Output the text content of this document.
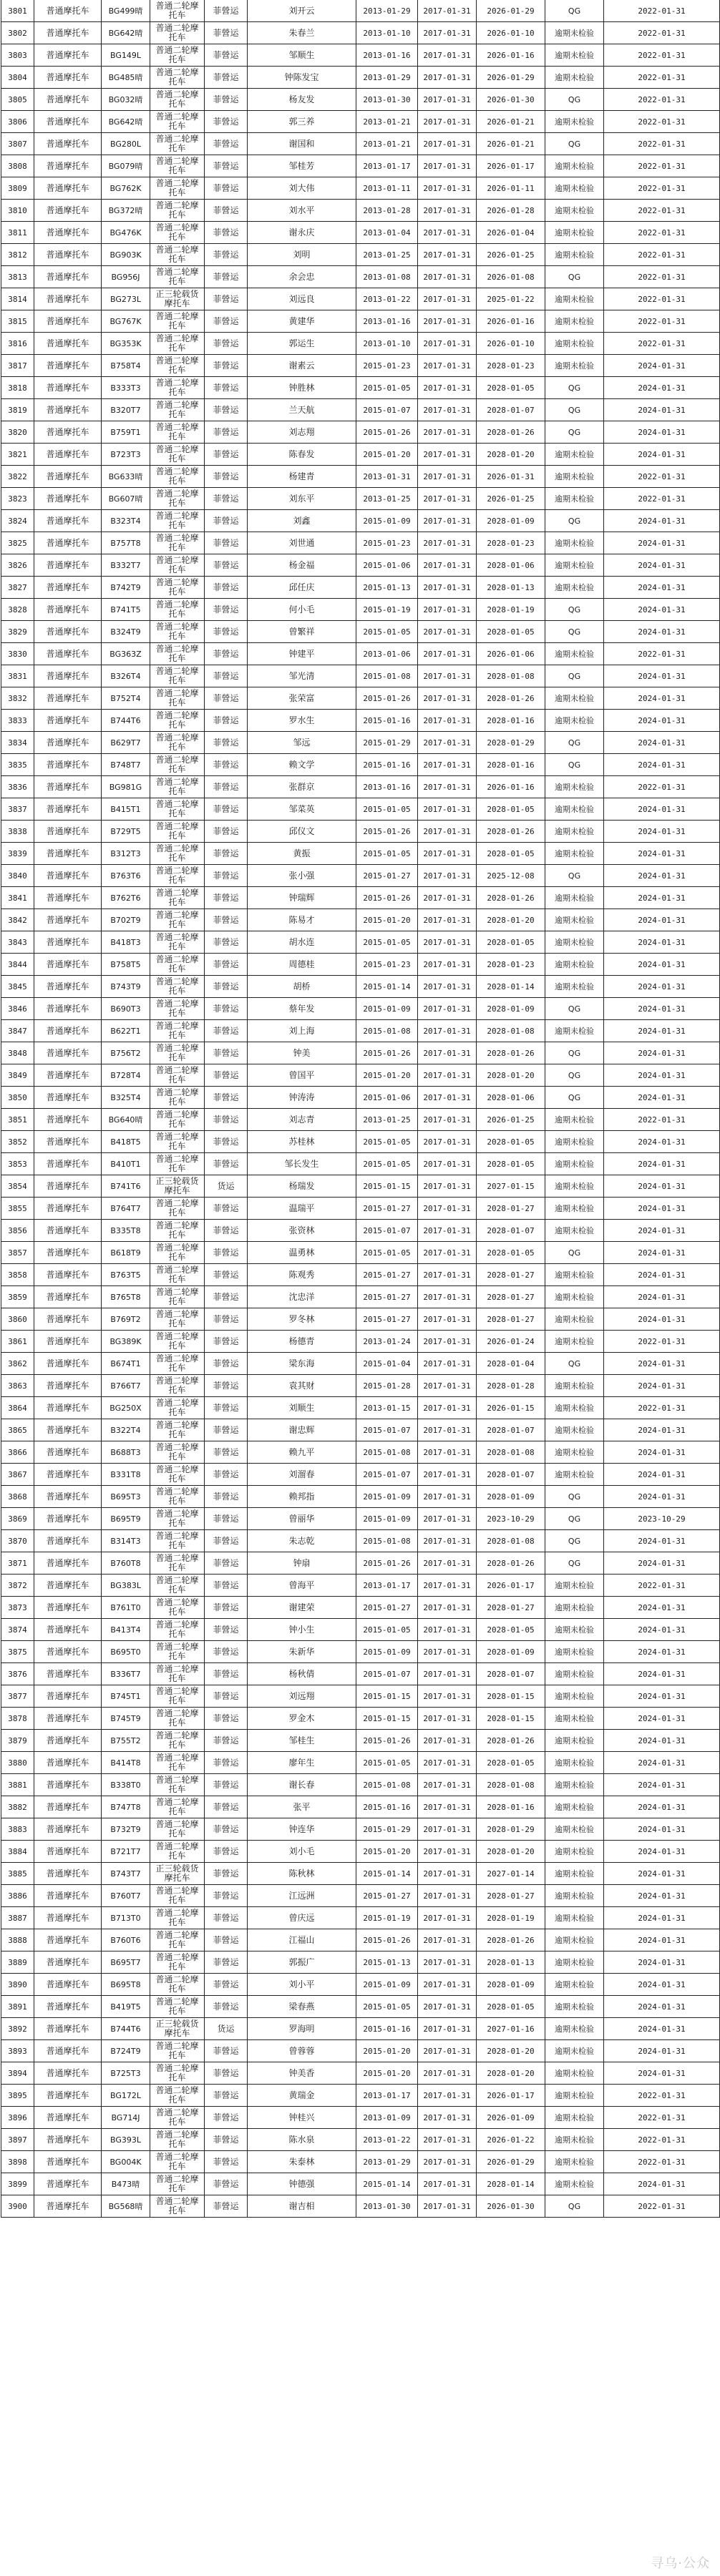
3801	普通摩托车	BG499晴	普通二轮摩托车	菲營运	刘开云	2013-01-29	2017-01-31	2026-01-29	QG	2022-01-31
3802	普通摩托车	BG642晴	普通二轮摩托车	菲營运	朱春兰	2013-01-10	2017-01-31	2026-01-10	逾期未检验	2022-01-31
3803	普通摩托车	BG149L	普通二轮摩托车	菲營运	邹顺生	2013-01-16	2017-01-31	2026-01-16	逾期未检验	2022-01-31
3804	普通摩托车	BG485晴	普通二轮摩托车	菲營运	钟陈发宝	2013-01-29	2017-01-31	2026-01-29	逾期未检验	2022-01-31
3805	普通摩托车	BG032晴	普通二轮摩托车	菲營运	杨友发	2013-01-30	2017-01-31	2026-01-30	QG	2022-01-31
3806	普通摩托车	BG642晴	普通二轮摩托车	菲營运	郭三养	2013-01-21	2017-01-31	2026-01-21	逾期未检验	2022-01-31
3807	普通摩托车	BG280L	普通二轮摩托车	菲營运	谢国和	2013-01-21	2017-01-31	2026-01-21	QG	2022-01-31
3808	普通摩托车	BG079晴	普通二轮摩托车	菲營运	邹桂芳	2013-01-17	2017-01-31	2026-01-17	逾期未检验	2022-01-31
3809	普通摩托车	BG762K	普通二轮摩托车	菲營运	刘大伟	2013-01-11	2017-01-31	2026-01-11	逾期未检验	2022-01-31
3810	普通摩托车	BG372晴	普通二轮摩托车	菲營运	刘水平	2013-01-28	2017-01-31	2026-01-28	逾期未检验	2022-01-31
3811	普通摩托车	BG476K	普通二轮摩托车	菲營运	谢永庆	2013-01-04	2017-01-31	2026-01-04	逾期未检验	2022-01-31
3812	普通摩托车	BG903K	普通二轮摩托车	菲營运	刘明	2013-01-25	2017-01-31	2026-01-25	逾期未检验	2022-01-31
3813	普通摩托车	BG956J	普通二轮摩托车	菲營运	余会忠	2013-01-08	2017-01-31	2026-01-08	QG	2022-01-31
3814	普通摩托车	BG273L	正三轮载货摩托车	菲營运	刘远良	2013-01-22	2017-01-31	2025-01-22	逾期未检验	2022-01-31
3815	普通摩托车	BG767K	普通二轮摩托车	菲營运	黄建华	2013-01-16	2017-01-31	2026-01-16	逾期未检验	2022-01-31
3816	普通摩托车	BG353K	普通二轮摩托车	菲營运	郭运生	2013-01-10	2017-01-31	2026-01-10	逾期未检验	2022-01-31
3817	普通摩托车	B758T4	普通二轮摩托车	菲營运	谢素云	2015-01-23	2017-01-31	2028-01-23	逾期未检验	2024-01-31
3818	普通摩托车	B333T3	普通二轮摩托车	菲營运	钟胜林	2015-01-05	2017-01-31	2028-01-05	QG	2024-01-31
3819	普通摩托车	B320T7	普通二轮摩托车	菲營运	兰天航	2015-01-07	2017-01-31	2028-01-07	QG	2024-01-31
3820	普通摩托车	B759T1	普通二轮摩托车	菲營运	刘志翔	2015-01-26	2017-01-31	2028-01-26	QG	2024-01-31
3821	普通摩托车	B723T3	普通二轮摩托车	菲營运	陈春发	2015-01-20	2017-01-31	2028-01-20	逾期未检验	2024-01-31
3822	普通摩托车	BG633晴	普通二轮摩托车	菲營运	杨建青	2013-01-31	2017-01-31	2026-01-31	逾期未检验	2022-01-31
3823	普通摩托车	BG607晴	普通二轮摩托车	菲營运	刘东平	2013-01-25	2017-01-31	2026-01-25	逾期未检验	2022-01-31
3824	普通摩托车	B323T4	普通二轮摩托车	菲營运	刘鑫	2015-01-09	2017-01-31	2028-01-09	QG	2024-01-31
3825	普通摩托车	B757T8	普通二轮摩托车	菲營运	刘世通	2015-01-23	2017-01-31	2028-01-23	逾期未检验	2024-01-31
3826	普通摩托车	B332T7	普通二轮摩托车	菲營运	杨金福	2015-01-06	2017-01-31	2028-01-06	逾期未检验	2024-01-31
3827	普通摩托车	B742T9	普通二轮摩托车	菲營运	邱任庆	2015-01-13	2017-01-31	2028-01-13	逾期未检验	2024-01-31
3828	普通摩托车	B741T5	普通二轮摩托车	菲營运	何小毛	2015-01-19	2017-01-31	2028-01-19	QG	2024-01-31
3829	普通摩托车	B324T9	普通二轮摩托车	菲營运	曾繁祥	2015-01-05	2017-01-31	2028-01-05	QG	2024-01-31
3830	普通摩托车	BG363Z	普通二轮摩托车	菲營运	钟建平	2013-01-06	2017-01-31	2026-01-06	逾期未检验	2022-01-31
3831	普通摩托车	B326T4	普通二轮摩托车	菲營运	邹光清	2015-01-08	2017-01-31	2028-01-08	QG	2024-01-31
3832	普通摩托车	B752T4	普通二轮摩托车	菲營运	张荣富	2015-01-26	2017-01-31	2028-01-26	逾期未检验	2024-01-31
3833	普通摩托车	B744T6	普通二轮摩托车	菲營运	罗水生	2015-01-16	2017-01-31	2028-01-16	逾期未检验	2024-01-31
3834	普通摩托车	B629T7	普通二轮摩托车	菲營运	邹远	2015-01-29	2017-01-31	2028-01-29	QG	2024-01-31
3835	普通摩托车	B748T7	普通二轮摩托车	菲營运	赖文学	2015-01-16	2017-01-31	2028-01-16	QG	2024-01-31
3836	普通摩托车	BG981G	普通二轮摩托车	菲營运	张群京	2013-01-16	2017-01-31	2026-01-16	逾期未检验	2022-01-31
3837	普通摩托车	B415T1	普通二轮摩托车	菲營运	邹菜英	2015-01-05	2017-01-31	2028-01-05	逾期未检验	2024-01-31
3838	普通摩托车	B729T5	普通二轮摩托车	菲營运	邱仪文	2015-01-26	2017-01-31	2028-01-26	逾期未检验	2024-01-31
3839	普通摩托车	B312T3	普通二轮摩托车	菲營运	黄振	2015-01-05	2017-01-31	2028-01-05	逾期未检验	2024-01-31
3840	普通摩托车	B763T6	普通二轮摩托车	菲營运	张小强	2015-01-27	2017-01-31	2025-12-08	QG	2024-01-31
3841	普通摩托车	B762T6	普通二轮摩托车	菲營运	钟瑞辉	2015-01-26	2017-01-31	2028-01-26	逾期未检验	2024-01-31
3842	普通摩托车	B702T9	普通二轮摩托车	菲營运	陈易才	2015-01-20	2017-01-31	2028-01-20	逾期未检验	2024-01-31
3843	普通摩托车	B418T3	普通二轮摩托车	菲營运	胡水连	2015-01-05	2017-01-31	2028-01-05	逾期未检验	2024-01-31
3844	普通摩托车	B758T5	普通二轮摩托车	菲營运	周德桂	2015-01-23	2017-01-31	2028-01-23	逾期未检验	2024-01-31
3845	普通摩托车	B743T9	普通二轮摩托车	菲營运	胡桥	2015-01-14	2017-01-31	2028-01-14	逾期未检验	2024-01-31
3846	普通摩托车	B690T3	普通二轮摩托车	菲營运	蔡年发	2015-01-09	2017-01-31	2028-01-09	QG	2024-01-31
3847	普通摩托车	B622T1	普通二轮摩托车	菲營运	刘上海	2015-01-08	2017-01-31	2028-01-08	逾期未检验	2024-01-31
3848	普通摩托车	B756T2	普通二轮摩托车	菲營运	钟美	2015-01-26	2017-01-31	2028-01-26	QG	2024-01-31
3849	普通摩托车	B728T4	普通二轮摩托车	菲營运	曾国平	2015-01-20	2017-01-31	2028-01-20	QG	2024-01-31
3850	普通摩托车	B325T4	普通二轮摩托车	菲營运	钟涛涛	2015-01-06	2017-01-31	2028-01-06	QG	2024-01-31
3851	普通摩托车	BG640晴	普通二轮摩托车	菲營运	刘志青	2013-01-25	2017-01-31	2026-01-25	逾期未检验	2022-01-31
3852	普通摩托车	B418T5	普通二轮摩托车	菲營运	苏桂林	2015-01-05	2017-01-31	2028-01-05	逾期未检验	2024-01-31
3853	普通摩托车	B410T1	普通二轮摩托车	菲營运	邹长发生	2015-01-05	2017-01-31	2028-01-05	逾期未检验	2024-01-31
3854	普通摩托车	B741T6	正三轮载货摩托车	货运	杨瑞发	2015-01-15	2017-01-31	2027-01-15	逾期未检验	2024-01-31
3855	普通摩托车	B764T7	普通二轮摩托车	菲營运	温瑞平	2015-01-27	2017-01-31	2028-01-27	逾期未检验	2024-01-31
3856	普通摩托车	B335T8	普通二轮摩托车	菲營运	张资林	2015-01-07	2017-01-31	2028-01-07	逾期未检验	2024-01-31
3857	普通摩托车	B618T9	普通二轮摩托车	菲營运	温勇林	2015-01-05	2017-01-31	2028-01-05	QG	2024-01-31
3858	普通摩托车	B763T5	普通二轮摩托车	菲營运	陈观秀	2015-01-27	2017-01-31	2028-01-27	逾期未检验	2024-01-31
3859	普通摩托车	B765T8	普通二轮摩托车	菲營运	沈忠洋	2015-01-27	2017-01-31	2028-01-27	逾期未检验	2024-01-31
3860	普通摩托车	B769T2	普通二轮摩托车	菲營运	罗冬林	2015-01-27	2017-01-31	2028-01-27	逾期未检验	2024-01-31
3861	普通摩托车	BG389K	普通二轮摩托车	菲營运	杨德青	2013-01-24	2017-01-31	2026-01-24	逾期未检验	2022-01-31
3862	普通摩托车	B674T1	普通二轮摩托车	菲營运	梁东海	2015-01-04	2017-01-31	2028-01-04	QG	2024-01-31
3863	普通摩托车	B766T7	普通二轮摩托车	菲營运	袁其财	2015-01-28	2017-01-31	2028-01-28	逾期未检验	2024-01-31
3864	普通摩托车	BG250X	普通二轮摩托车	菲營运	刘顺生	2013-01-15	2017-01-31	2026-01-15	逾期未检验	2022-01-31
3865	普通摩托车	B322T4	普通二轮摩托车	菲營运	谢忠辉	2015-01-07	2017-01-31	2028-01-07	逾期未检验	2024-01-31
3866	普通摩托车	B688T3	普通二轮摩托车	菲營运	赖九平	2015-01-08	2017-01-31	2028-01-08	逾期未检验	2024-01-31
3867	普通摩托车	B331T8	普通二轮摩托车	菲營运	刘溜春	2015-01-07	2017-01-31	2028-01-07	逾期未检验	2024-01-31
3868	普通摩托车	B695T3	普通二轮摩托车	菲營运	赖邦指	2015-01-09	2017-01-31	2028-01-09	QG	2024-01-31
3869	普通摩托车	B695T9	普通二轮摩托车	菲營运	曾丽华	2015-01-09	2017-01-31	2023-10-29	QG	2023-10-29
3870	普通摩托车	B314T3	普通二轮摩托车	菲營运	朱志乾	2015-01-08	2017-01-31	2028-01-08	QG	2024-01-31
3871	普通摩托车	B760T8	普通二轮摩托车	菲營运	钟扇	2015-01-26	2017-01-31	2028-01-26	QG	2024-01-31
3872	普通摩托车	BG383L	普通二轮摩托车	菲營运	曾海平	2013-01-17	2017-01-31	2026-01-17	逾期未检验	2022-01-31
3873	普通摩托车	B761T0	普通二轮摩托车	菲營运	谢建荣	2015-01-27	2017-01-31	2028-01-27	逾期未检验	2024-01-31
3874	普通摩托车	B413T4	普通二轮摩托车	菲營运	钟小生	2015-01-05	2017-01-31	2028-01-05	逾期未检验	2024-01-31
3875	普通摩托车	B695T0	普通二轮摩托车	菲營运	朱新华	2015-01-09	2017-01-31	2028-01-09	逾期未检验	2024-01-31
3876	普通摩托车	B336T7	普通二轮摩托车	菲營运	杨秋倩	2015-01-07	2017-01-31	2028-01-07	逾期未检验	2024-01-31
3877	普通摩托车	B745T1	普通二轮摩托车	菲營运	刘远翔	2015-01-15	2017-01-31	2028-01-15	逾期未检验	2024-01-31
3878	普通摩托车	B745T9	普通二轮摩托车	菲營运	罗金木	2015-01-15	2017-01-31	2028-01-15	逾期未检验	2024-01-31
3879	普通摩托车	B755T2	普通二轮摩托车	菲營运	邹桂生	2015-01-26	2017-01-31	2028-01-26	逾期未检验	2024-01-31
3880	普通摩托车	B414T8	普通二轮摩托车	菲營运	廖年生	2015-01-05	2017-01-31	2028-01-05	逾期未检验	2024-01-31
3881	普通摩托车	B338T0	普通二轮摩托车	菲營运	谢长春	2015-01-08	2017-01-31	2028-01-08	逾期未检验	2024-01-31
3882	普通摩托车	B747T8	普通二轮摩托车	菲營运	张平	2015-01-16	2017-01-31	2028-01-16	逾期未检验	2024-01-31
3883	普通摩托车	B732T9	普通二轮摩托车	菲營运	钟连华	2015-01-29	2017-01-31	2028-01-29	逾期未检验	2024-01-31
3884	普通摩托车	B721T7	普通二轮摩托车	菲營运	刘小毛	2015-01-20	2017-01-31	2028-01-20	逾期未检验	2024-01-31
3885	普通摩托车	B743T7	正三轮载货摩托车	菲營运	陈秋林	2015-01-14	2017-01-31	2027-01-14	逾期未检验	2024-01-31
3886	普通摩托车	B760T7	普通二轮摩托车	菲營运	江远洲	2015-01-27	2017-01-31	2028-01-27	逾期未检验	2024-01-31
3887	普通摩托车	B713T0	普通二轮摩托车	菲營运	曾庆远	2015-01-19	2017-01-31	2028-01-19	逾期未检验	2024-01-31
3888	普通摩托车	B760T6	普通二轮摩托车	菲營运	江福山	2015-01-26	2017-01-31	2028-01-26	逾期未检验	2024-01-31
3889	普通摩托车	B695T7	普通二轮摩托车	菲營运	郭振广	2015-01-13	2017-01-31	2028-01-13	逾期未检验	2024-01-31
3890	普通摩托车	B695T8	普通二轮摩托车	菲營运	刘小平	2015-01-09	2017-01-31	2028-01-09	逾期未检验	2024-01-31
3891	普通摩托车	B419T5	普通二轮摩托车	菲營运	梁春燕	2015-01-05	2017-01-31	2028-01-05	逾期未检验	2024-01-31
3892	普通摩托车	B744T6	正三轮载货摩托车	货运	罗海明	2015-01-16	2017-01-31	2027-01-16	逾期未检验	2024-01-31
3893	普通摩托车	B724T9	普通二轮摩托车	菲營运	曾蓉蓉	2015-01-20	2017-01-31	2028-01-20	逾期未检验	2024-01-31
3894	普通摩托车	B725T3	普通二轮摩托车	菲營运	钟美香	2015-01-20	2017-01-31	2028-01-20	逾期未检验	2024-01-31
3895	普通摩托车	BG172L	普通二轮摩托车	菲營运	黄瑞金	2013-01-17	2017-01-31	2026-01-17	逾期未检验	2022-01-31
3896	普通摩托车	BG714J	普通二轮摩托车	菲營运	钟桂兴	2013-01-09	2017-01-31	2026-01-09	逾期未检验	2022-01-31
3897	普通摩托车	BG393L	普通二轮摩托车	菲營运	陈水泉	2013-01-22	2017-01-31	2026-01-22	逾期未检验	2022-01-31
3898	普通摩托车	BG004K	普通二轮摩托车	菲營运	朱泰林	2013-01-29	2017-01-31	2026-01-29	逾期未检验	2022-01-31
3899	普通摩托车	B473晴	普通二轮摩托车	菲營运	钟德强	2015-01-14	2017-01-31	2028-01-14	逾期未检验	2024-01-31
3900	普通摩托车	BG568晴	普通二轮摩托车	菲營运	谢吉相	2013-01-30	2017-01-31	2026-01-30	QG	2022-01-31
寻乌·公众
